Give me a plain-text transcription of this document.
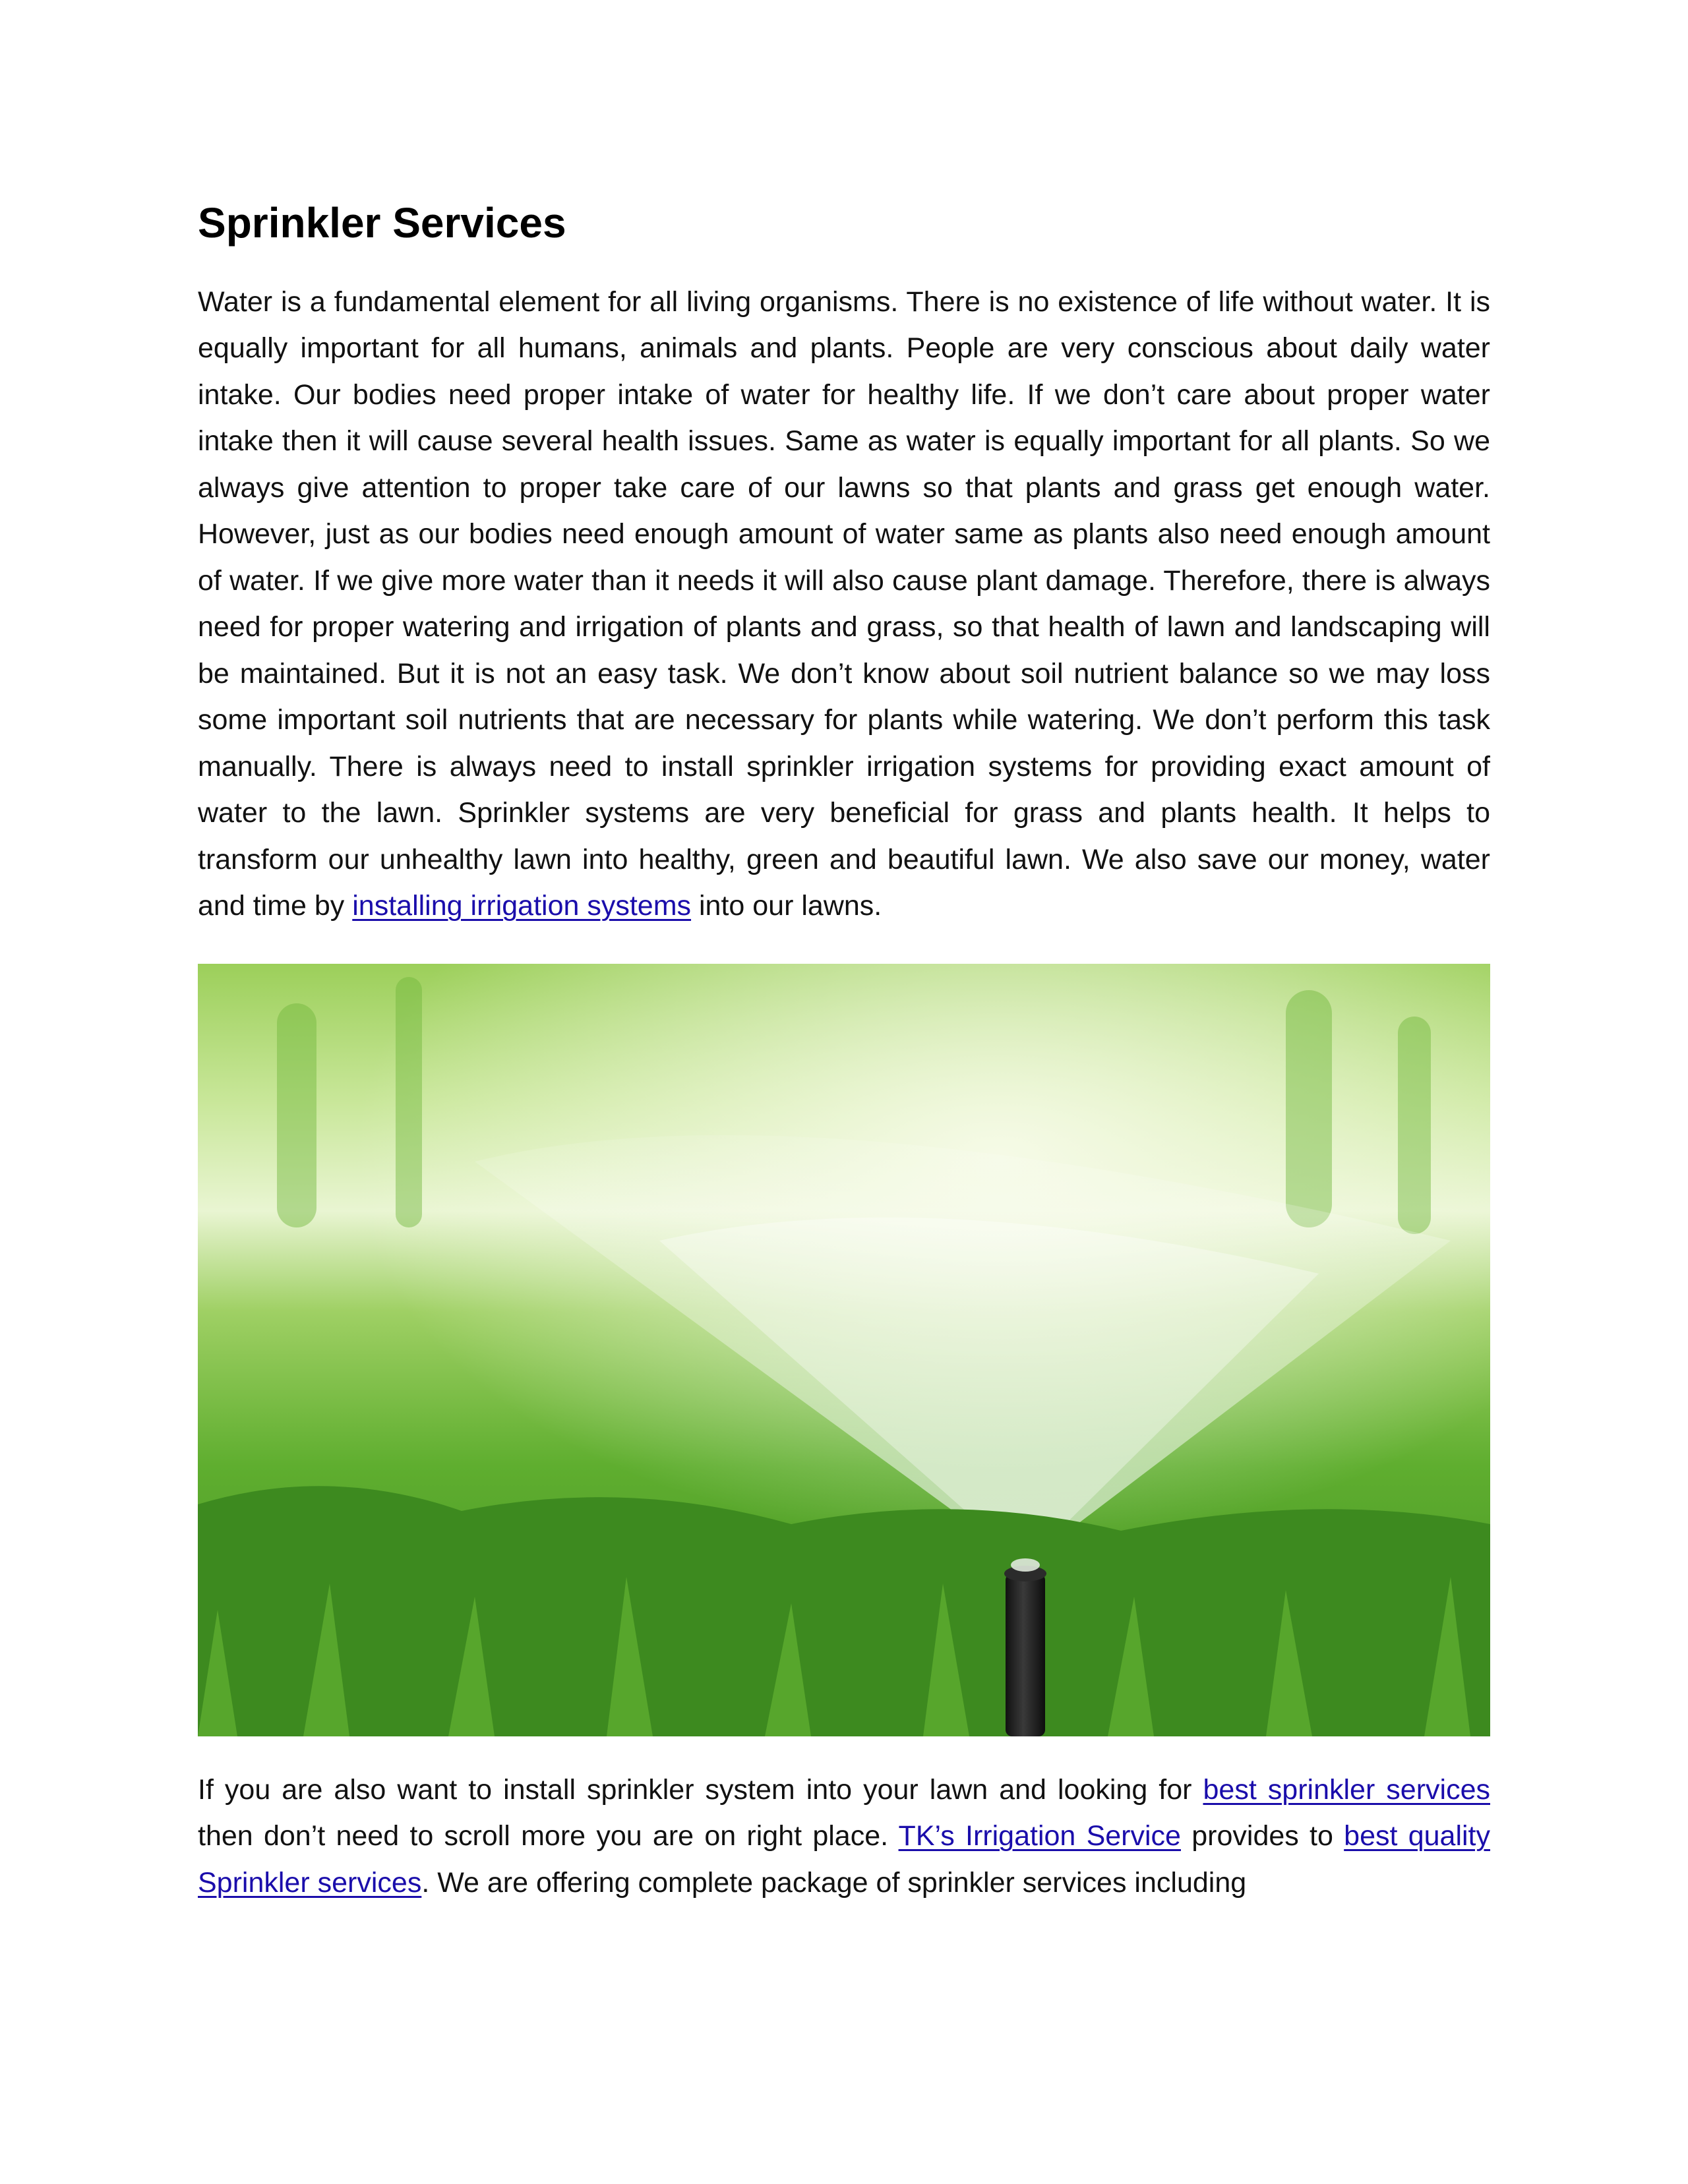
Sprinkler Services

Water is a fundamental element for all living organisms. There is no existence of life without water. It is equally important for all humans, animals and plants. People are very conscious about daily water intake. Our bodies need proper intake of water for healthy life. If we don’t care about proper water intake then it will cause several health issues. Same as water is equally important for all plants. So we always give attention to proper take care of our lawns so that plants and grass get enough water. However, just as our bodies need enough amount of water same as plants also need enough amount of water. If we give more water than it needs it will also cause plant damage. Therefore, there is always need for proper watering and irrigation of plants and grass, so that health of lawn and landscaping will be maintained. But it is not an easy task. We don’t know about soil nutrient balance so we may loss some important soil nutrients that are necessary for plants while watering. We don’t perform this task manually. There is always need to install sprinkler irrigation systems for providing exact amount of water to the lawn. Sprinkler systems are very beneficial for grass and plants health. It helps to transform our unhealthy lawn into healthy, green and beautiful lawn. We also save our money, water and time by installing irrigation systems into our lawns.

If you are also want to install sprinkler system into your lawn and looking for best sprinkler services then don’t need to scroll more you are on right place. TK’s Irrigation Service provides to best quality Sprinkler services. We are offering complete package of sprinkler services including
